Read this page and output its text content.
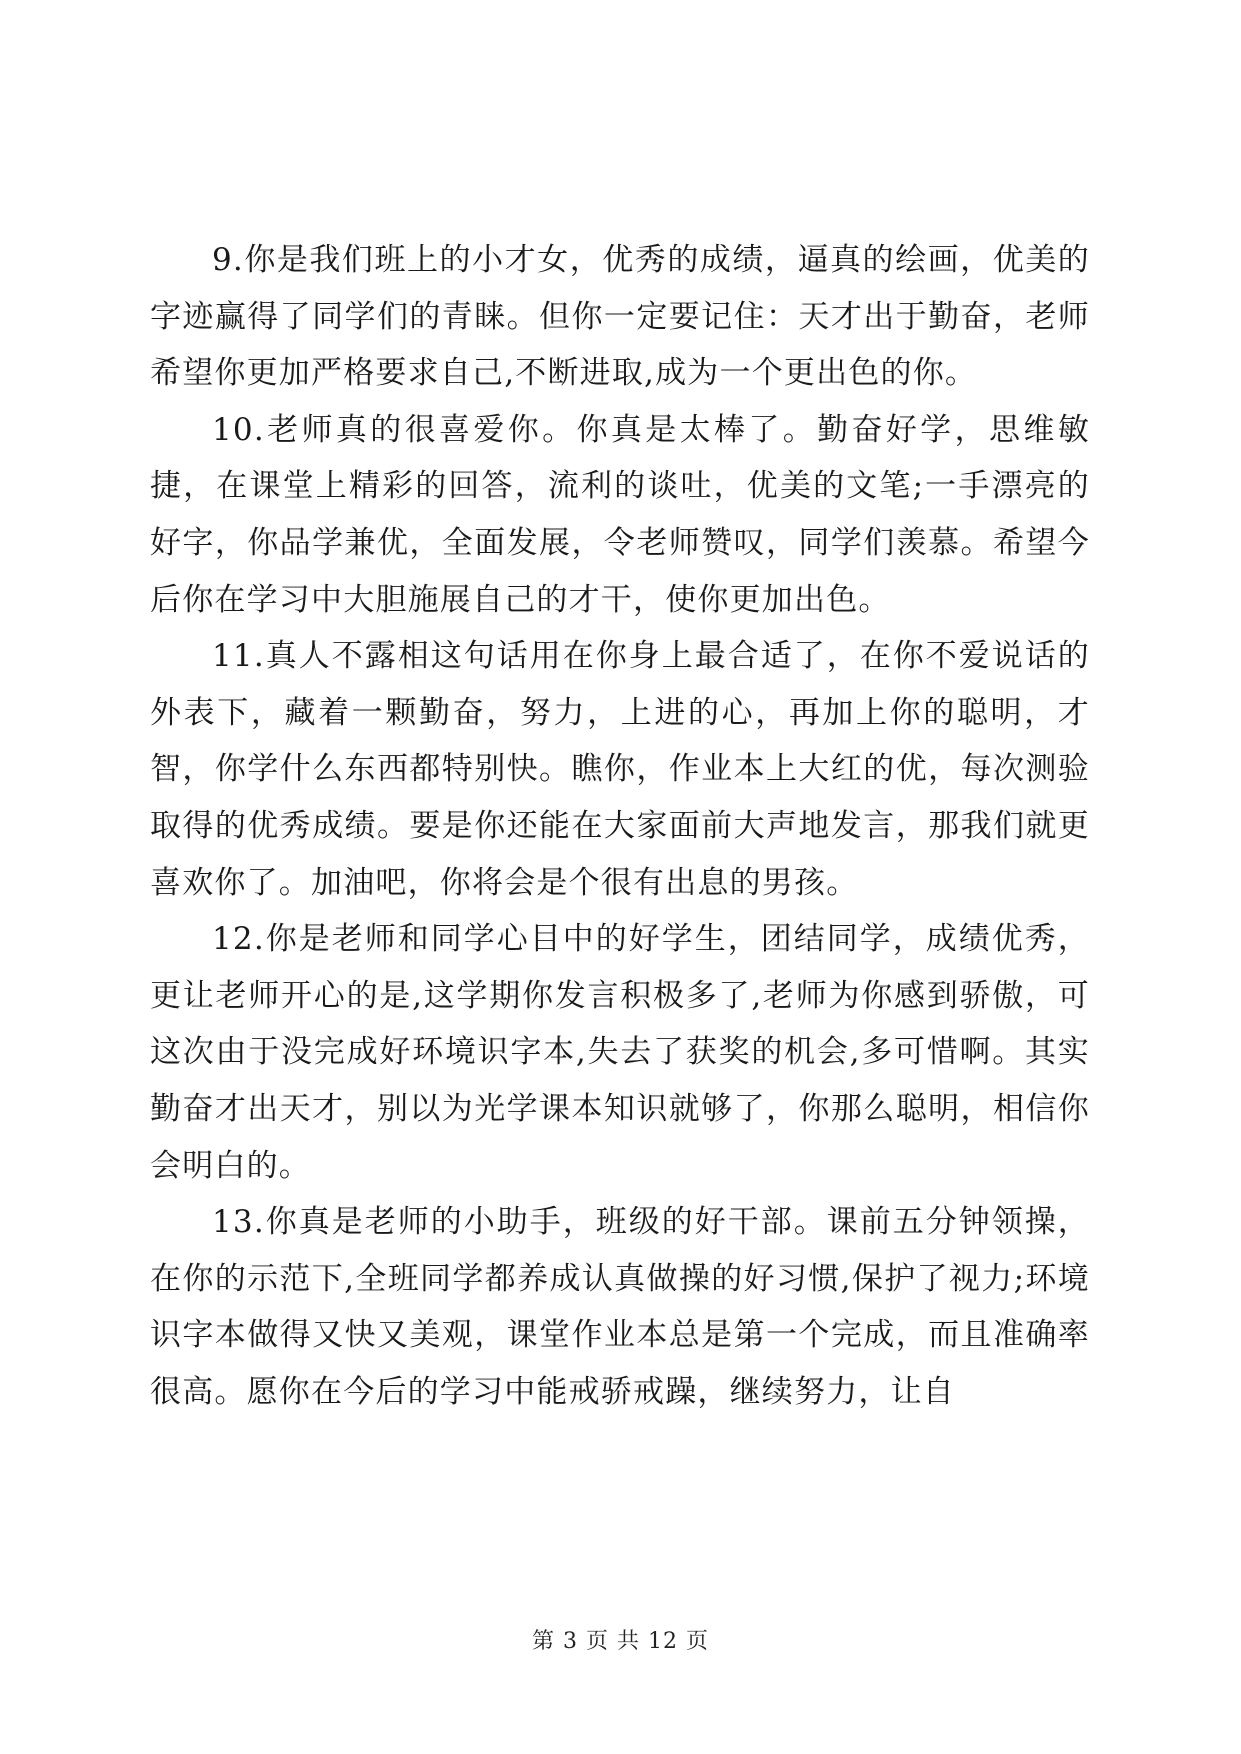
9.你是我们班上的小才女，优秀的成绩，逼真的绘画，优美的字迹赢得了同学们的青睐。但你一定要记住：天才出于勤奋，老师希望你更加严格要求自己,不断进取,成为一个更出色的你。

10.老师真的很喜爱你。你真是太棒了。勤奋好学，思维敏捷，在课堂上精彩的回答，流利的谈吐，优美的文笔;一手漂亮的好字，你品学兼优，全面发展，令老师赞叹，同学们羡慕。希望今后你在学习中大胆施展自己的才干，使你更加出色。

11.真人不露相这句话用在你身上最合适了，在你不爱说话的外表下，藏着一颗勤奋，努力，上进的心，再加上你的聪明，才智，你学什么东西都特别快。瞧你，作业本上大红的优，每次测验取得的优秀成绩。要是你还能在大家面前大声地发言，那我们就更喜欢你了。加油吧，你将会是个很有出息的男孩。

12.你是老师和同学心目中的好学生，团结同学，成绩优秀，更让老师开心的是,这学期你发言积极多了,老师为你感到骄傲，可这次由于没完成好环境识字本,失去了获奖的机会,多可惜啊。其实勤奋才出天才，别以为光学课本知识就够了，你那么聪明，相信你会明白的。

13.你真是老师的小助手，班级的好干部。课前五分钟领操，在你的示范下,全班同学都养成认真做操的好习惯,保护了视力;环境识字本做得又快又美观，课堂作业本总是第一个完成，而且准确率很高。愿你在今后的学习中能戒骄戒躁，继续努力，让自

第 3 页 共 12 页
